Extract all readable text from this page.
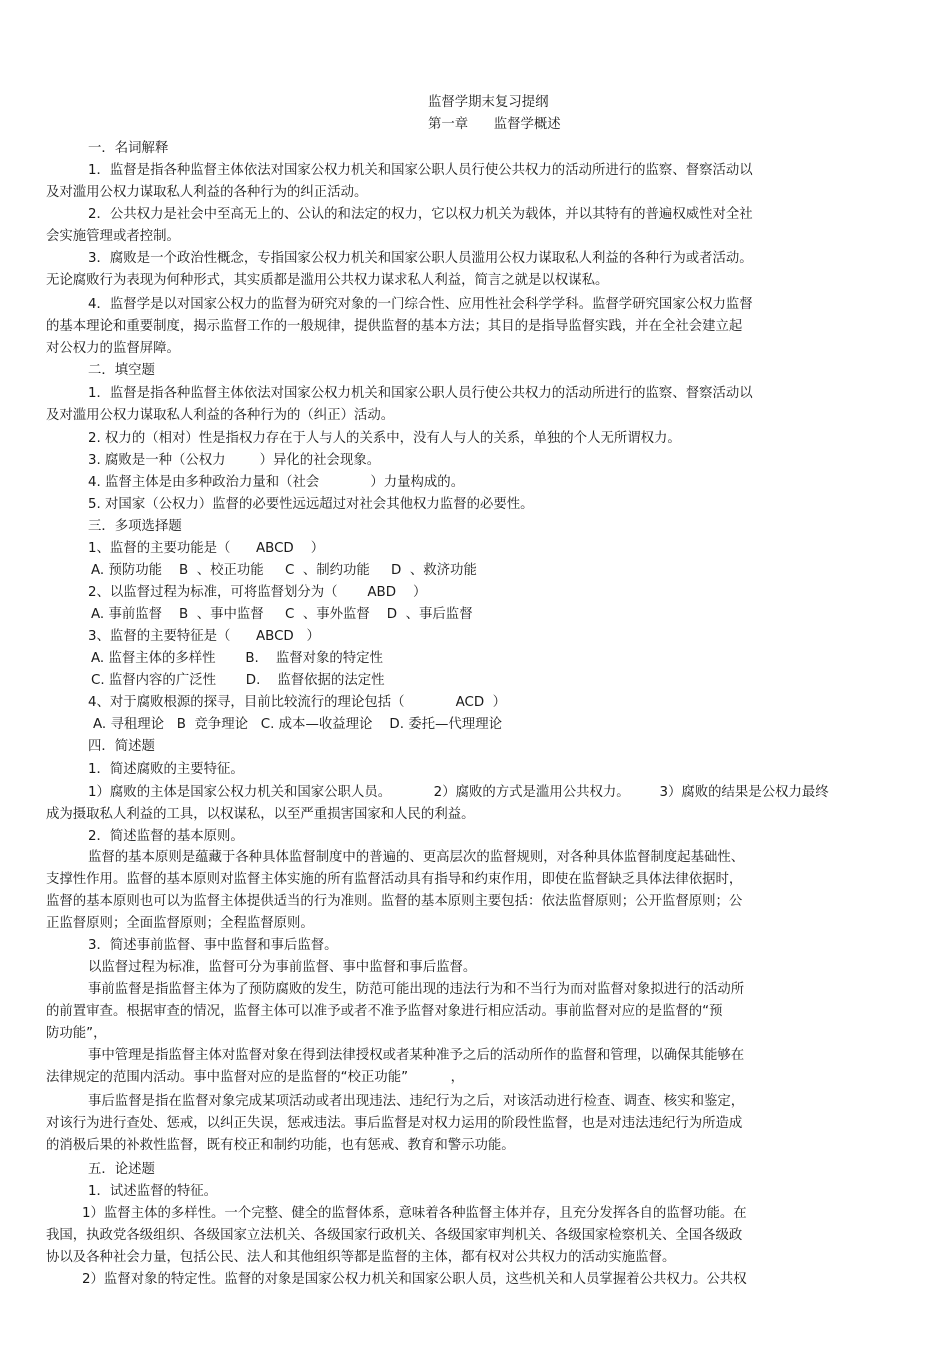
监督学期末复习提纲
第一章      监督学概述
一．名词解释
1．监督是指各种监督主体依法对国家公权力机关和国家公职人员行使公共权力的活动所进行的监察、督察活动以
及对滥用公权力谋取私人利益的各种行为的纠正活动。
2．公共权力是社会中至高无上的、公认的和法定的权力，它以权力机关为载体，并以其特有的普遍权威性对全社
会实施管理或者控制。
3．腐败是一个政治性概念，专指国家公权力机关和国家公职人员滥用公权力谋取私人利益的各种行为或者活动。
无论腐败行为表现为何种形式，其实质都是滥用公共权力谋求私人利益，简言之就是以权谋私。
4．监督学是以对国家公权力的监督为研究对象的一门综合性、应用性社会科学学科。监督学研究国家公权力监督
的基本理论和重要制度，揭示监督工作的一般规律，提供监督的基本方法；其目的是指导监督实践，并在全社会建立起
对公权力的监督屏障。
二．填空题
1．监督是指各种监督主体依法对国家公权力机关和国家公职人员行使公共权力的活动所进行的监察、督察活动以
及对滥用公权力谋取私人利益的各种行为的（纠正）活动。
2. 权力的（相对）性是指权力存在于人与人的关系中，没有人与人的关系，单独的个人无所谓权力。
3. 腐败是一种（公权力        ）异化的社会现象。
4. 监督主体是由多种政治力量和（社会            ）力量构成的。
5. 对国家（公权力）监督的必要性远远超过对社会其他权力监督的必要性。
三．多项选择题
1、监督的主要功能是（      ABCD    ）
A. 预防功能    B  、校正功能     C  、制约功能     D  、救济功能
2、以监督过程为标准，可将监督划分为（       ABD    ）
A. 事前监督    B  、事中监督     C  、事外监督    D  、事后监督
3、监督的主要特征是（      ABCD   ）
A. 监督主体的多样性       B.    监督对象的特定性
C. 监督内容的广泛性       D.    监督依据的法定性
4、对于腐败根源的探寻，目前比较流行的理论包括（            ACD  ）
A. 寻租理论   B  竞争理论   C. 成本—收益理论    D. 委托—代理理论
四．简述题
1．简述腐败的主要特征。
1）腐败的主体是国家公权力机关和国家公职人员。          2）腐败的方式是滥用公共权力。       3）腐败的结果是公权力最终
成为摄取私人利益的工具，以权谋私，以至严重损害国家和人民的利益。
2．简述监督的基本原则。
监督的基本原则是蕴藏于各种具体监督制度中的普遍的、更高层次的监督规则，对各种具体监督制度起基础性、
支撑性作用。监督的基本原则对监督主体实施的所有监督活动具有指导和约束作用，即使在监督缺乏具体法律依据时，
监督的基本原则也可以为监督主体提供适当的行为准则。监督的基本原则主要包括：依法监督原则；公开监督原则；公
正监督原则；全面监督原则；全程监督原则。
3．简述事前监督、事中监督和事后监督。
以监督过程为标准，监督可分为事前监督、事中监督和事后监督。
事前监督是指监督主体为了预防腐败的发生，防范可能出现的违法行为和不当行为而对监督对象拟进行的活动所
的前置审查。根据审查的情况，监督主体可以准予或者不准予监督对象进行相应活动。事前监督对应的是监督的“预
防功能”，
事中管理是指监督主体对监督对象在得到法律授权或者某种准予之后的活动所作的监督和管理，以确保其能够在
法律规定的范围内活动。事中监督对应的是监督的“校正功能”          ，
事后监督是指在监督对象完成某项活动或者出现违法、违纪行为之后，对该活动进行检查、调查、核实和鉴定，
对该行为进行查处、惩戒，以纠正失误，惩戒违法。事后监督是对权力运用的阶段性监督，也是对违法违纪行为所造成
的消极后果的补救性监督，既有校正和制约功能，也有惩戒、教育和警示功能。
五．论述题
1．试述监督的特征。
1）监督主体的多样性。一个完整、健全的监督体系，意味着各种监督主体并存，且充分发挥各自的监督功能。在
我国，执政党各级组织、各级国家立法机关、各级国家行政机关、各级国家审判机关、各级国家检察机关、全国各级政
协以及各种社会力量，包括公民、法人和其他组织等都是监督的主体，都有权对公共权力的活动实施监督。
2）监督对象的特定性。监督的对象是国家公权力机关和国家公职人员，这些机关和人员掌握着公共权力。公共权
